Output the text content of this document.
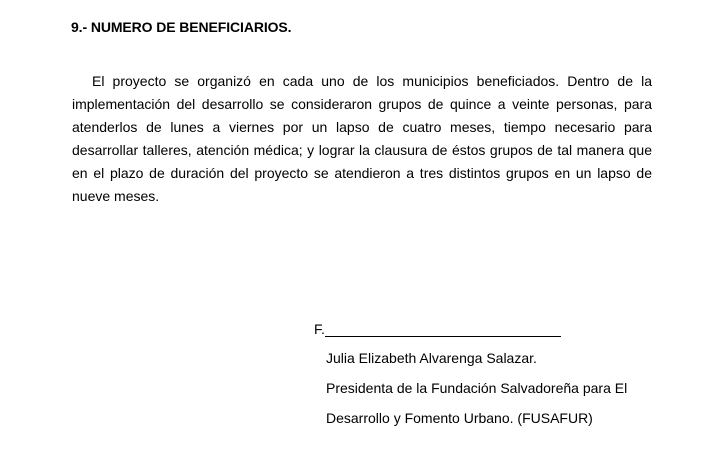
9.- NUMERO DE BENEFICIARIOS.

El proyecto se organizó en cada uno de los municipios beneficiados. Dentro de la implementación del desarrollo se consideraron grupos de quince a veinte personas, para atenderlos de lunes a viernes por un lapso de cuatro meses, tiempo necesario para desarrollar talleres, atención médica; y lograr la clausura de éstos grupos de tal manera que en el plazo de duración del proyecto se atendieron a tres distintos grupos en un lapso de nueve meses.

F.
Julia Elizabeth Alvarenga Salazar.
Presidenta de la Fundación Salvadoreña para El
Desarrollo y Fomento Urbano. (FUSAFUR)
